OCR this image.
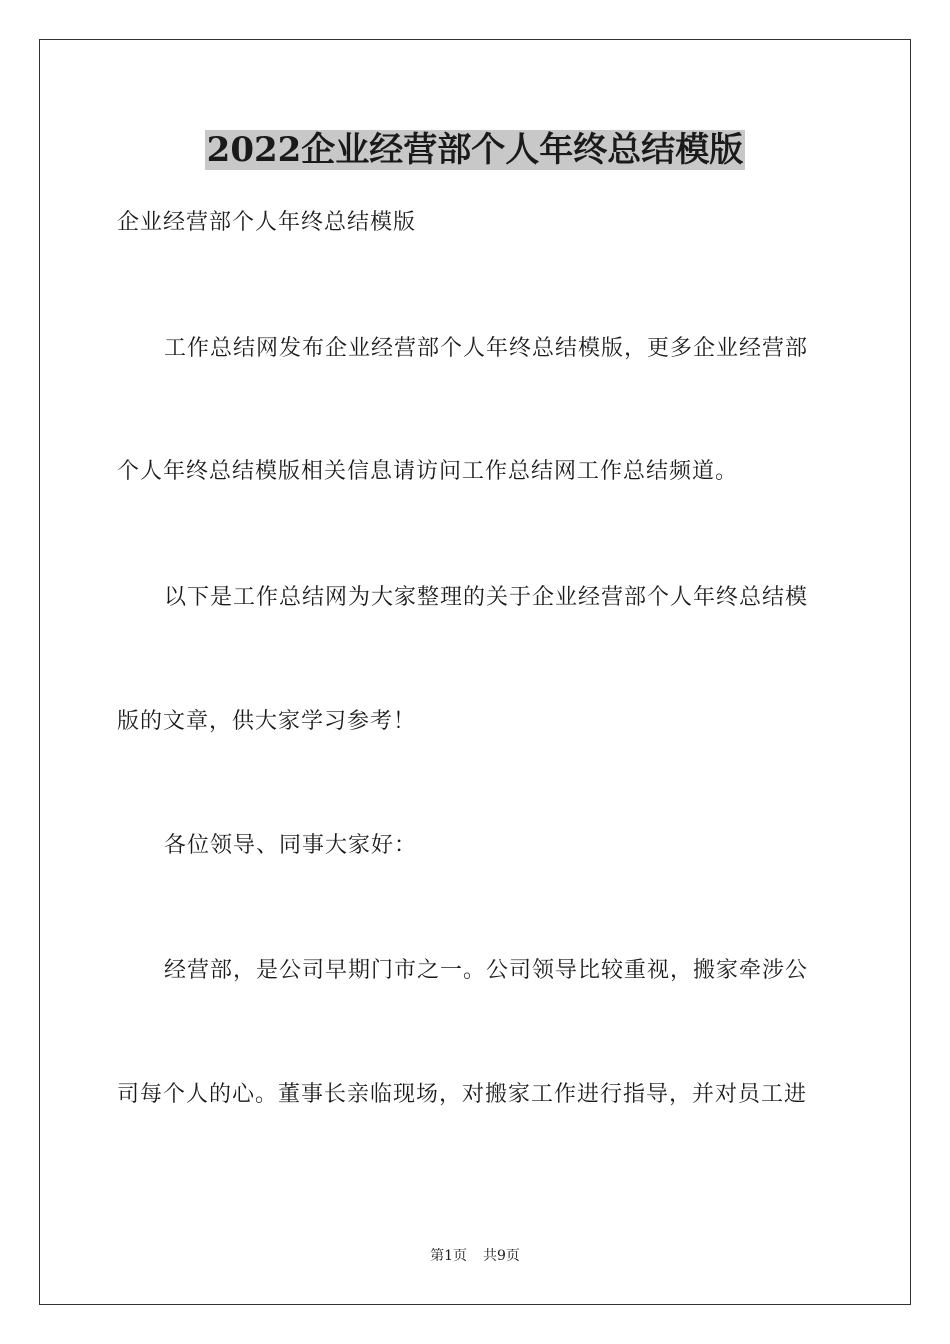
2022企业经营部个人年终总结模版

企业经营部个人年终总结模版

工作总结网发布企业经营部个人年终总结模版，更多企业经营部

个人年终总结模版相关信息请访问工作总结网工作总结频道。

以下是工作总结网为大家整理的关于企业经营部个人年终总结模

版的文章，供大家学习参考！

各位领导、同事大家好：

经营部，是公司早期门市之一。公司领导比较重视，搬家牵涉公

司每个人的心。董事长亲临现场，对搬家工作进行指导，并对员工进

第1页 共9页
